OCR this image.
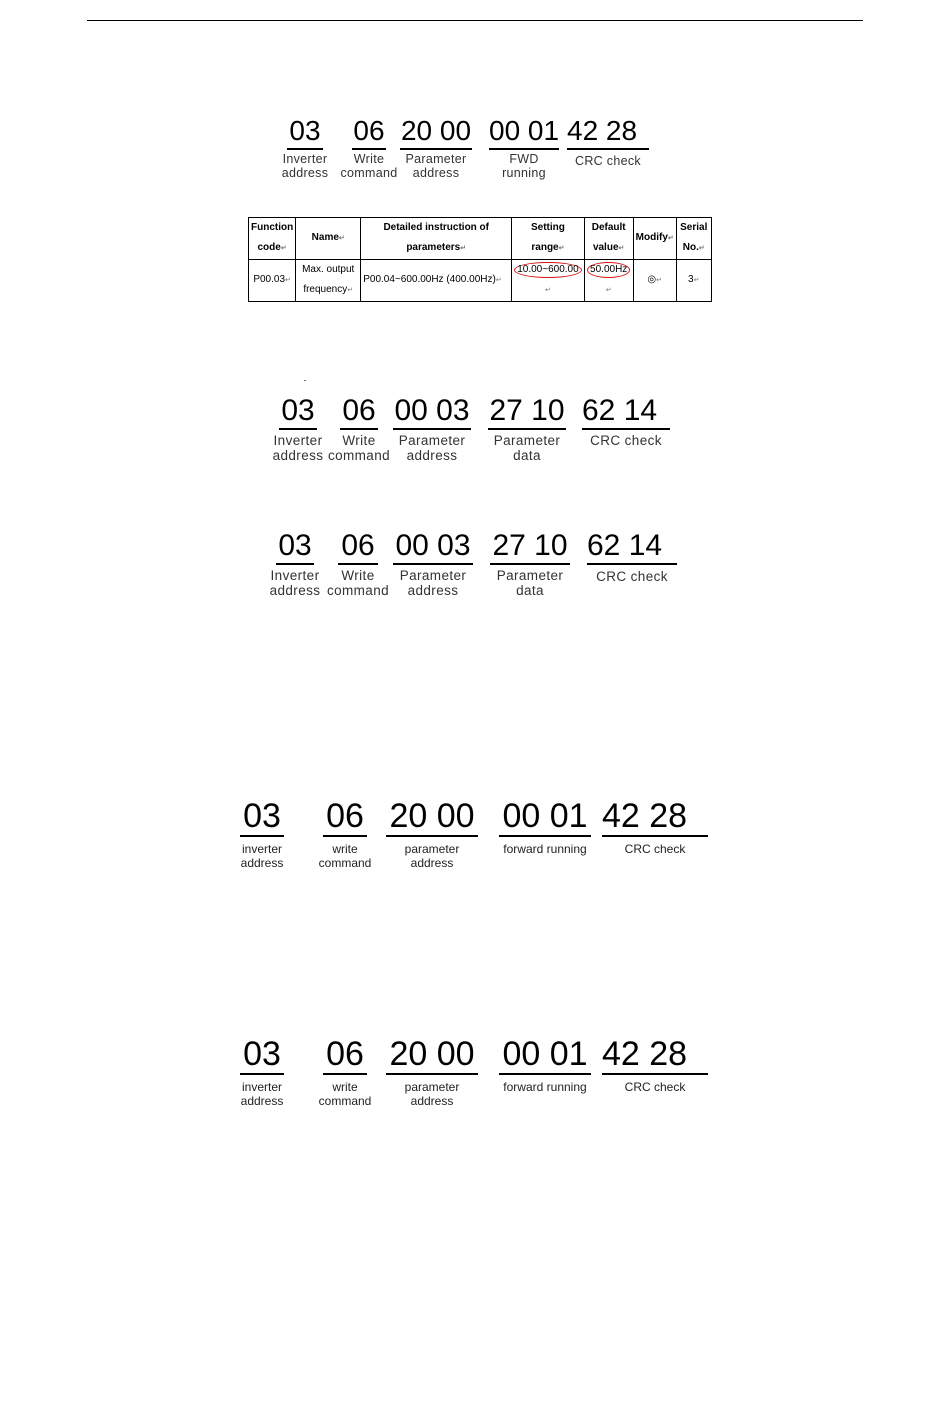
03
Inverter
address
06
Write
command
20 00
Parameter
address
00 01
FWD
running
42 28
CRC check
Function
code↵	Name↵	Detailed instruction of
parameters↵	Setting range↵	Default
value↵	Modify↵	Serial
No.↵
P00.03↵	Max. output
frequency↵	P00.04~600.00Hz (400.00Hz)↵	10.00~600.00↵	50.00Hz↵	◎↵	3↵
03
Inverter
address
06
Write
command
00 03
Parameter
address
27 10
Parameter
data
62 14
CRC check
03
Inverter
address
06
Write
command
00 03
Parameter
address
27 10
Parameter
data
62 14
CRC check
03
inverter
address
06
write
command
20 00
parameter
address
00 01
forward running
42 28
CRC check
03
inverter
address
06
write
command
20 00
parameter
address
00 01
forward running
42 28
CRC check
